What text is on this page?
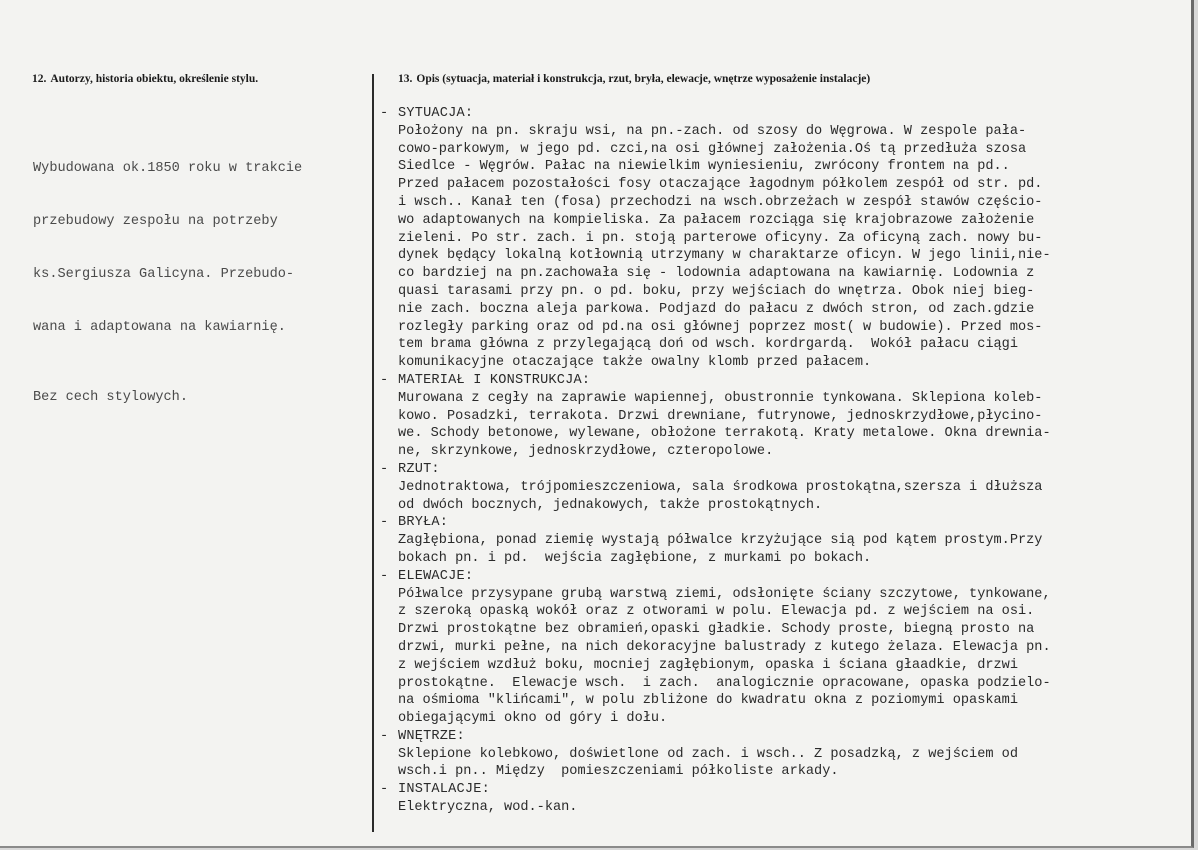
12. Autorzy, historia obiektu, określenie stylu.	13. Opis (sytuacja, materiał i konstrukcja, rzut, bryła, elewacje, wnętrze wyposażenie instalacje)

Wybudowana ok.1850 roku w trakcie

przebudowy zespołu na potrzeby

ks.Sergiusza Galicyna. Przebudo-

wana i adaptowana na kawiarnię.

Bez cech stylowych.

- SYTUACJA:
Położony na pn. skraju wsi, na pn.-zach. od szosy do Węgrowa. W zespole pała-
cowo-parkowym, w jego pd. czci,na osi głównej założenia.Oś tą przedłuża szosa
Siedlce - Węgrów. Pałac na niewielkim wyniesieniu, zwrócony frontem na pd..
Przed pałacem pozostałości fosy otaczające łagodnym półkolem zespół od str. pd.
i wsch.. Kanał ten (fosa) przechodzi na wsch.obrzeżach w zespół stawów częścio-
wo adaptowanych na kompieliska. Za pałacem rozciąga się krajobrazowe założenie
zieleni. Po str. zach. i pn. stoją parterowe oficyny. Za oficyną zach. nowy bu-
dynek będący lokalną kotłownią utrzymany w charaktarze oficyn. W jego linii,nie-
co bardziej na pn.zachowała się - lodownia adaptowana na kawiarnię. Lodownia z
quasi tarasami przy pn. o pd. boku, przy wejściach do wnętrza. Obok niej bieg-
nie zach. boczna aleja parkowa. Podjazd do pałacu z dwóch stron, od zach.gdzie
rozległy parking oraz od pd.na osi głównej poprzez most( w budowie). Przed mos-
tem brama główna z przylegającą doń od wsch. kordrgardą.  Wokół pałacu ciągi
komunikacyjne otaczające także owalny klomb przed pałacem.
- MATERIAŁ I KONSTRUKCJA:
Murowana z cegły na zaprawie wapiennej, obustronnie tynkowana. Sklepiona koleb-
kowo. Posadzki, terrakota. Drzwi drewniane, futrynowe, jednoskrzydłowe,płycino-
we. Schody betonowe, wylewane, obłożone terrakotą. Kraty metalowe. Okna drewnia-
ne, skrzynkowe, jednoskrzydłowe, czteropolowe.
- RZUT:
Jednotraktowa, trójpomieszczeniowa, sala środkowa prostokątna,szersza i dłuższa
od dwóch bocznych, jednakowych, także prostokątnych.
- BRYŁA:
Zagłębiona, ponad ziemię wystają półwalce krzyżujące sią pod kątem prostym.Przy
bokach pn. i pd.  wejścia zagłębione, z murkami po bokach.
- ELEWACJE:
Półwalce przysypane grubą warstwą ziemi, odsłonięte ściany szczytowe, tynkowane,
z szeroką opaską wokół oraz z otworami w polu. Elewacja pd. z wejściem na osi.
Drzwi prostokątne bez obramień,opaski gładkie. Schody proste, biegną prosto na
drzwi, murki pełne, na nich dekoracyjne balustrady z kutego żelaza. Elewacja pn.
z wejściem wzdłuż boku, mocniej zagłębionym, opaska i ściana głaadkie, drzwi
prostokątne.  Elewacje wsch.  i zach.  analogicznie opracowane, opaska podzielo-
na ośmioma "klińcami", w polu zbliżone do kwadratu okna z poziomymi opaskami
obiegającymi okno od góry i dołu.
- WNĘTRZE:
Sklepione kolebkowo, doświetlone od zach. i wsch.. Z posadzką, z wejściem od
wsch.i pn.. Między  pomieszczeniami półkoliste arkady.
- INSTALACJE:
Elektryczna, wod.-kan.
